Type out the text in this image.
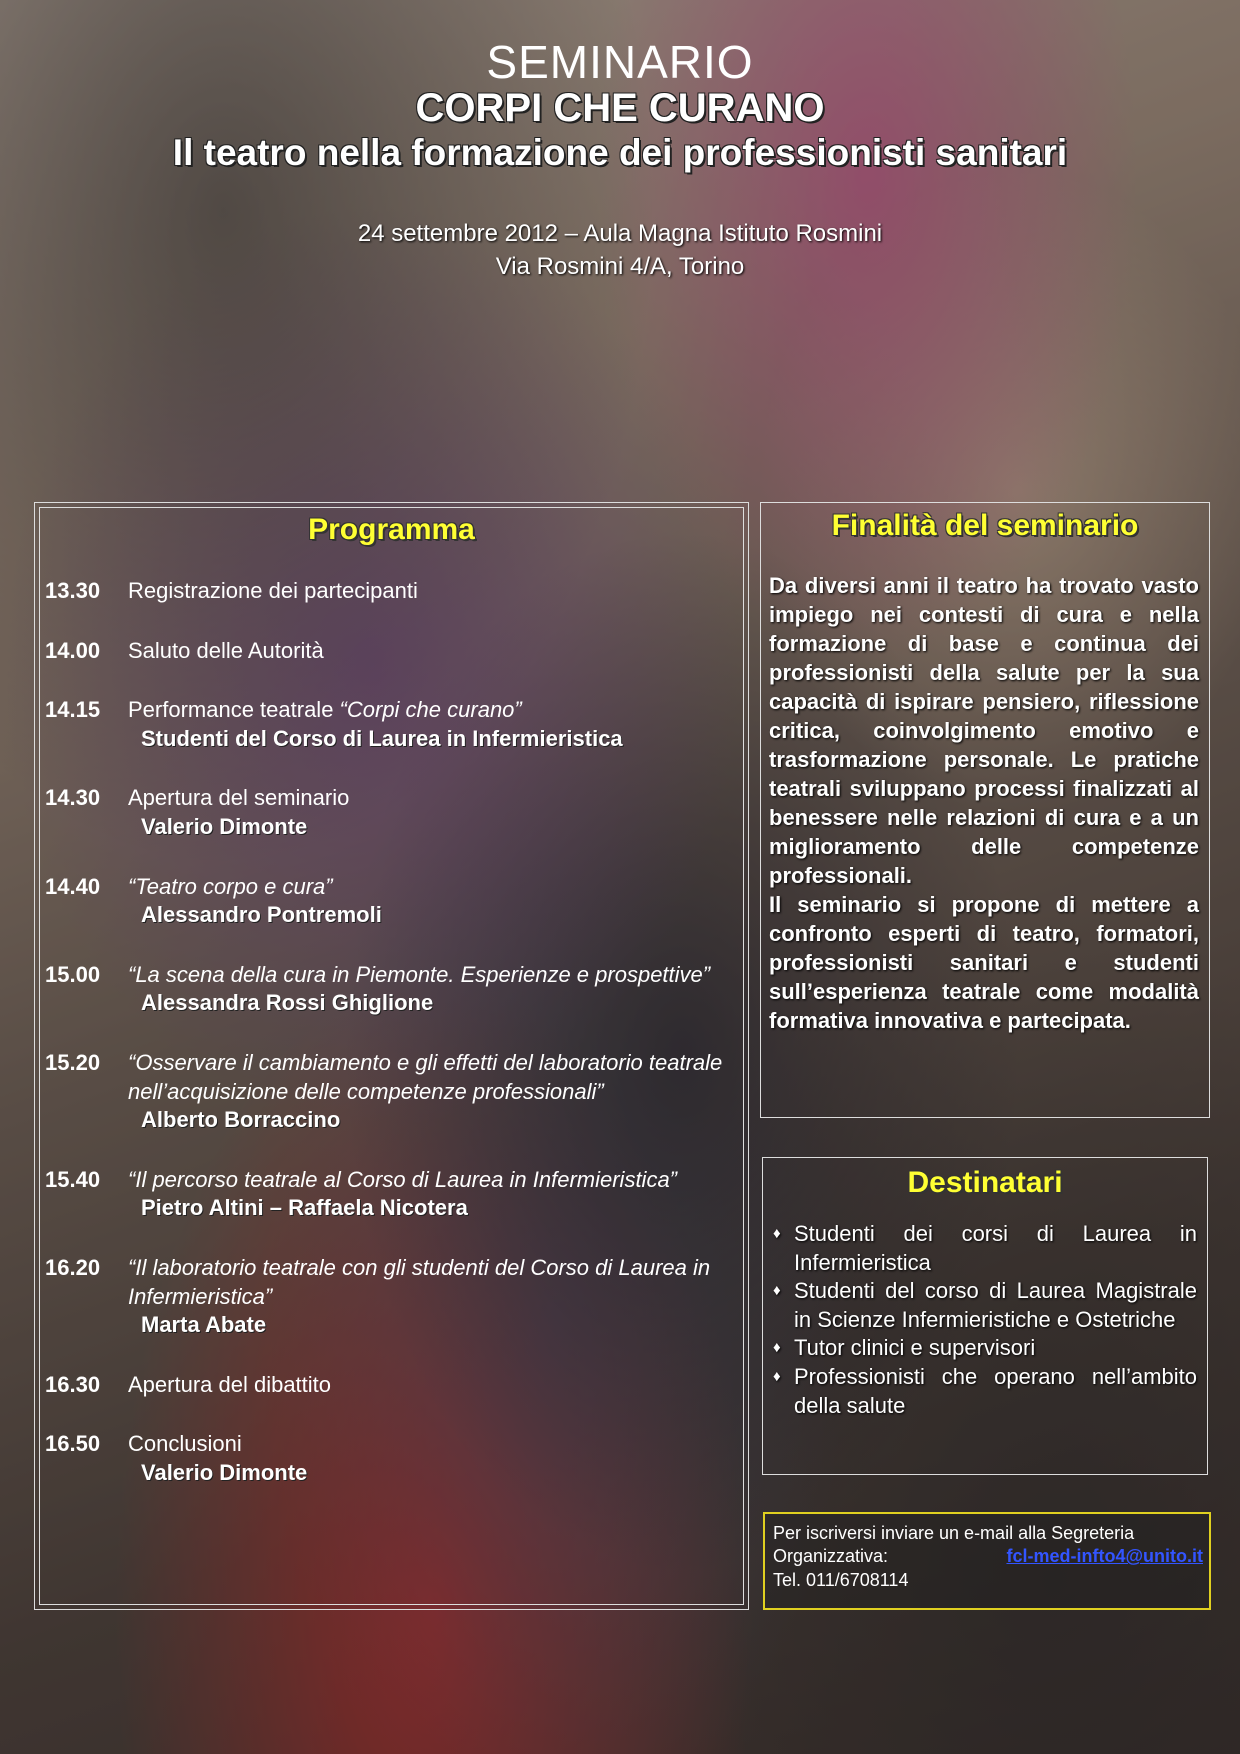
SEMINARIO
CORPI CHE CURANO
Il teatro nella formazione dei professionisti sanitari
24 settembre 2012 – Aula Magna Istituto Rosmini
Via Rosmini 4/A, Torino
Programma
13.30	Registrazione dei partecipanti
14.00	Saluto delle Autorità
14.15	Performance teatrale “Corpi che curano”
Studenti del Corso di Laurea in Infermieristica
14.30	Apertura del seminario
Valerio Dimonte
14.40	“Teatro corpo e cura”
Alessandro Pontremoli
15.00	“La scena della cura in Piemonte. Esperienze e prospettive”
Alessandra Rossi Ghiglione
15.20	“Osservare il cambiamento e gli effetti del laboratorio teatrale nell’acquisizione delle competenze professionali”
Alberto Borraccino
15.40	“Il percorso teatrale al Corso di Laurea in Infermieristica”
Pietro Altini – Raffaela Nicotera
16.20	“Il laboratorio teatrale con gli studenti del Corso di Laurea in Infermieristica”
Marta Abate
16.30	Apertura del dibattito
16.50	Conclusioni
Valerio Dimonte
Finalità del seminario
Da diversi anni il teatro ha trovato vasto impiego nei contesti di cura e nella formazione di base e continua dei professionisti della salute per la sua capacità di ispirare pensiero, riflessione critica, coinvolgimento emotivo e trasformazione personale. Le pratiche teatrali sviluppano processi finalizzati al benessere nelle relazioni di cura e a un miglioramento delle competenze professionali.
Il seminario si propone di mettere a confronto esperti di teatro, formatori, professionisti sanitari e studenti sull’esperienza teatrale come modalità formativa innovativa e partecipata.
Destinatari
♦ Studenti dei corsi di Laurea in Infermieristica
♦ Studenti del corso di Laurea Magistrale in Scienze Infermieristiche e Ostetriche
♦ Tutor clinici e supervisori
♦ Professionisti che operano nell’ambito della salute
Per iscriversi inviare un e-mail alla Segreteria
Organizzativa:	fcl-med-infto4@unito.it
Tel. 011/6708114
